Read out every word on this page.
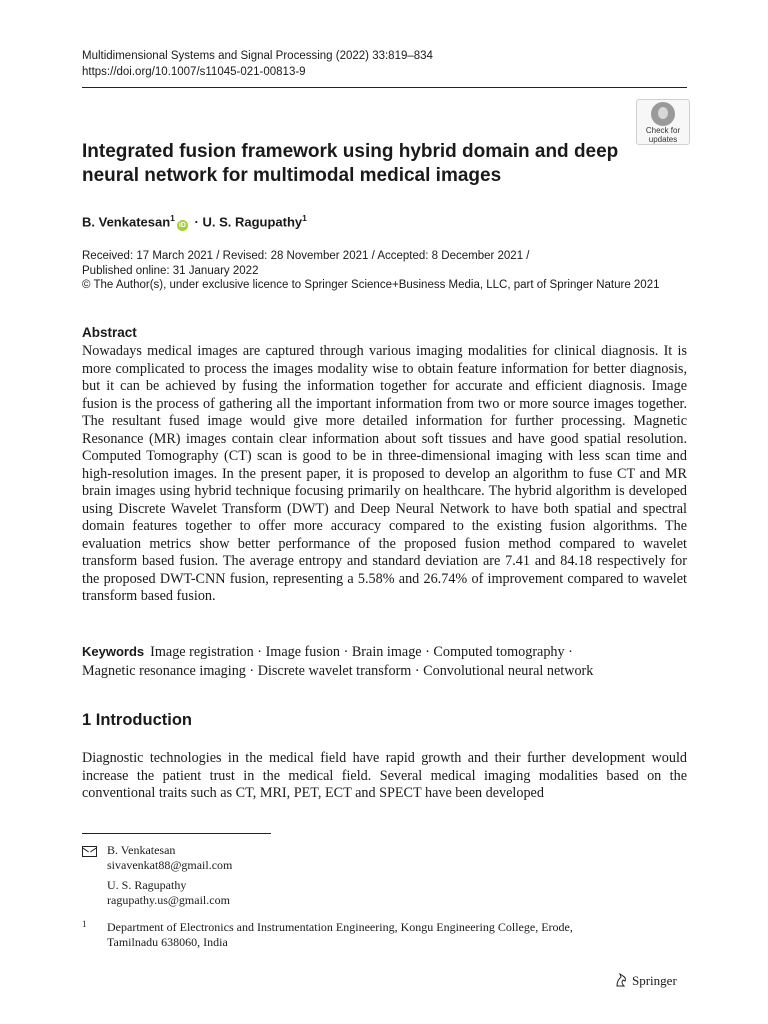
Multidimensional Systems and Signal Processing (2022) 33:819–834
https://doi.org/10.1007/s11045-021-00813-9
Check for
updates
Integrated fusion framework using hybrid domain and deep neural network for multimodal medical images
B. Venkatesan$^1$iD · U. S. Ragupathy$^1$
Received: 17 March 2021 / Revised: 28 November 2021 / Accepted: 8 December 2021 /
Published online: 31 January 2022
© The Author(s), under exclusive licence to Springer Science+Business Media, LLC, part of Springer Nature 2021
Abstract

Nowadays medical images are captured through various imaging modalities for clinical diagnosis. It is more complicated to process the images modality wise to obtain feature information for better diagnosis, but it can be achieved by fusing the information together for accurate and efficient diagnosis. Image fusion is the process of gathering all the important information from two or more source images together. The resultant fused image would give more detailed information for further processing. Magnetic Resonance (MR) images contain clear information about soft tissues and have good spatial resolution. Computed Tomography (CT) scan is good to be in three-dimensional imaging with less scan time and high-resolution images. In the present paper, it is proposed to develop an algorithm to fuse CT and MR brain images using hybrid technique focusing primarily on healthcare. The hybrid algorithm is developed using Discrete Wavelet Transform (DWT) and Deep Neural Network to have both spatial and spectral domain features together to offer more accuracy compared to the existing fusion algorithms. The evaluation metrics show better performance of the proposed fusion method compared to wavelet transform based fusion. The average entropy and standard deviation are 7.41 and 84.18 respectively for the proposed DWT-CNN fusion, representing a 5.58% and 26.74% of improvement compared to wavelet transform based fusion.

Keywords Image registration · Image fusion · Brain image · Computed tomography ·
Magnetic resonance imaging · Discrete wavelet transform · Convolutional neural network
1 Introduction

Diagnostic technologies in the medical field have rapid growth and their further development would increase the patient trust in the medical field. Several medical imaging modalities based on the conventional traits such as CT, MRI, PET, ECT and SPECT have been developed

B. Venkatesan
sivavenkat88@gmail.com
U. S. Ragupathy
ragupathy.us@gmail.com
1 Department of Electronics and Instrumentation Engineering, Kongu Engineering College, Erode,
Tamilnadu 638060, India
Springer
